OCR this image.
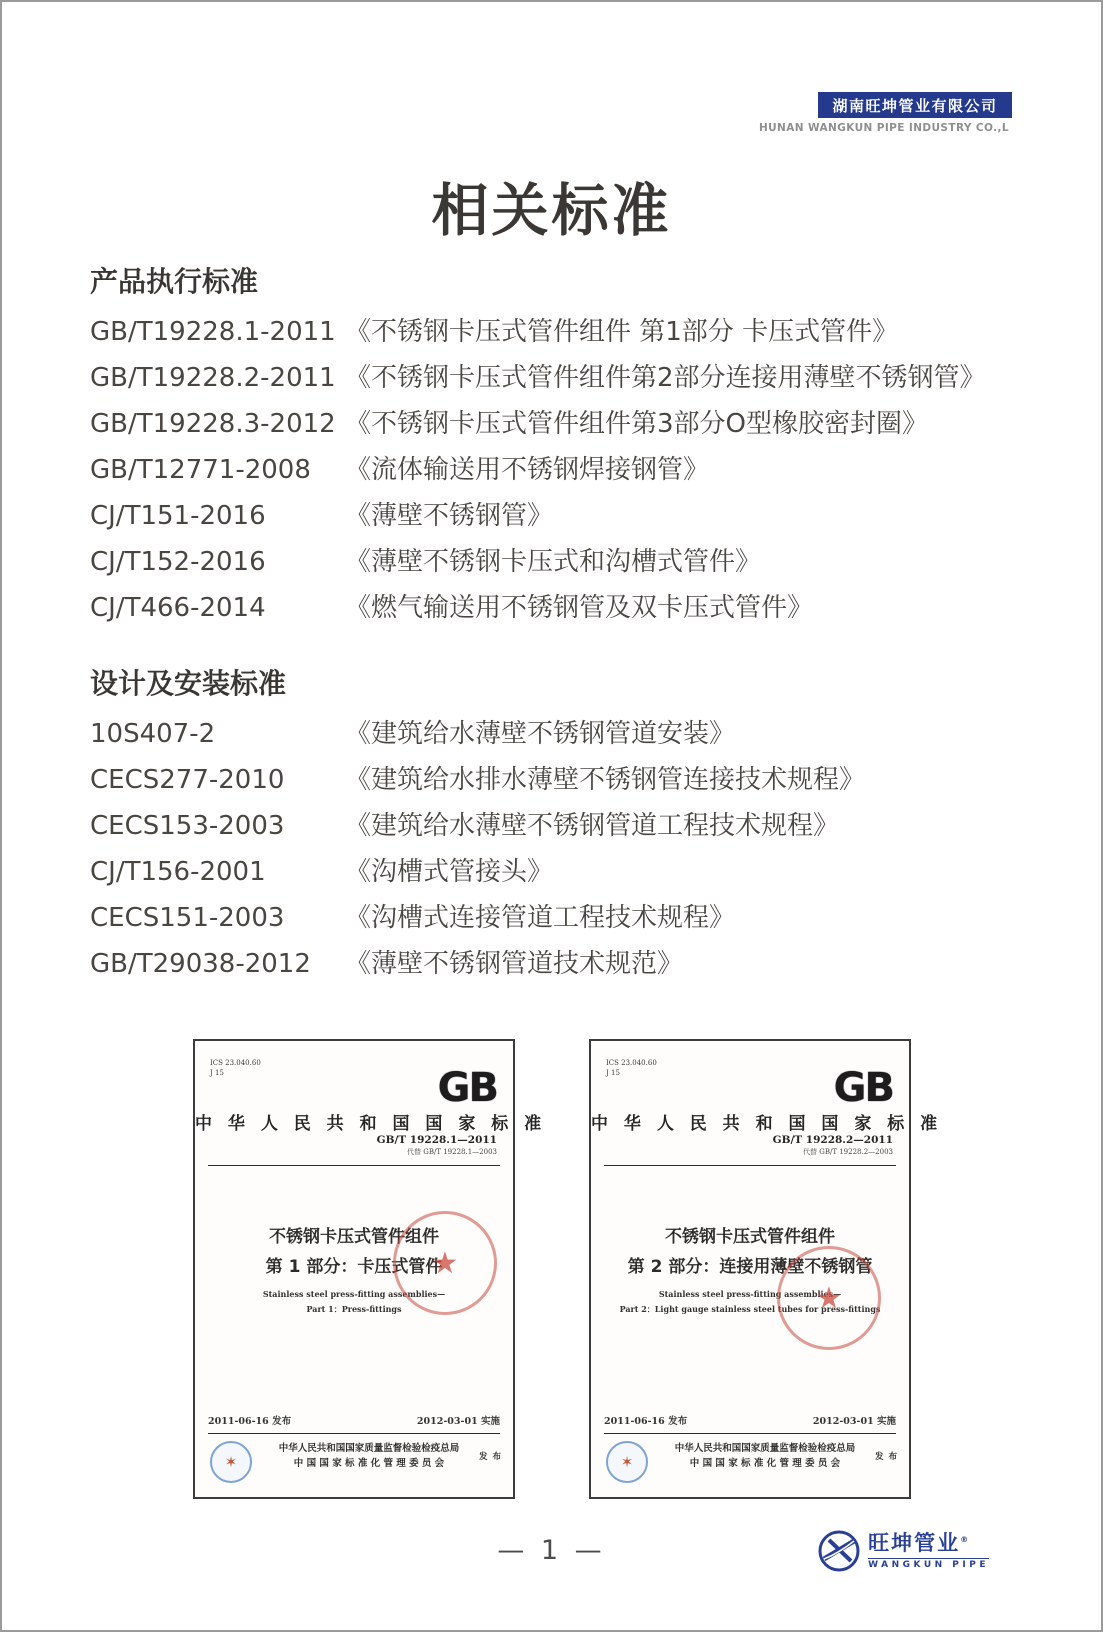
湖南旺坤管业有限公司
HUNAN WANGKUN PIPE INDUSTRY CO.,L
相关标准
产品执行标准
GB/T19228.1-2011 《不锈钢卡压式管件组件 第1部分 卡压式管件》
GB/T19228.2-2011 《不锈钢卡压式管件组件第2部分连接用薄壁不锈钢管》
GB/T19228.3-2012 《不锈钢卡压式管件组件第3部分O型橡胶密封圈》
GB/T12771-2008	《流体输送用不锈钢焊接钢管》
CJ/T151-2016	《薄壁不锈钢管》
CJ/T152-2016	《薄壁不锈钢卡压式和沟槽式管件》
CJ/T466-2014	《燃气输送用不锈钢管及双卡压式管件》
设计及安装标准
10S407-2	《建筑给水薄壁不锈钢管道安装》
CECS277-2010	《建筑给水排水薄壁不锈钢管连接技术规程》
CECS153-2003	《建筑给水薄壁不锈钢管道工程技术规程》
CJ/T156-2001	《沟槽式管接头》
CECS151-2003	《沟槽式连接管道工程技术规程》
GB/T29038-2012	《薄壁不锈钢管道技术规范》
ICS 23.040.60
J 15	GB
中 华 人 民 共 和 国 国 家 标 准
GB/T 19228.1—2011
代替 GB/T 19228.1—2003
不锈钢卡压式管件组件
第 1 部分：卡压式管件
Stainless steel press-fitting assemblies—
Part 1：Press-fittings
★
2011-06-16 发布	2012-03-01 实施
✶
中华人民共和国国家质量监督检验检疫总局
中 国 国 家 标 准 化 管 理 委 员 会
发 布
ICS 23.040.60
J 15	GB
中 华 人 民 共 和 国 国 家 标 准
GB/T 19228.2—2011
代替 GB/T 19228.2—2003
不锈钢卡压式管件组件
第 2 部分：连接用薄壁不锈钢管
Stainless steel press-fitting assemblies—
Part 2：Light gauge stainless steel tubes for press-fittings
★
2011-06-16 发布	2012-03-01 实施
✶
中华人民共和国国家质量监督检验检疫总局
中 国 国 家 标 准 化 管 理 委 员 会
发 布
— 1 —	旺坤管业®
WANGKUN PIPE
